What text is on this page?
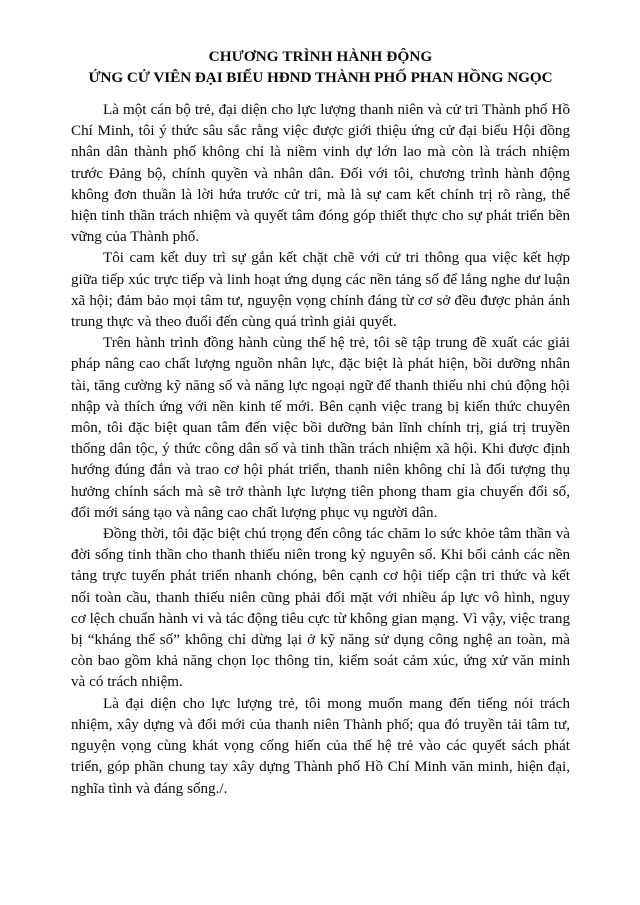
CHƯƠNG TRÌNH HÀNH ĐỘNG
ỨNG CỬ VIÊN ĐẠI BIỂU HĐND THÀNH PHỐ PHAN HỒNG NGỌC

Là một cán bộ trẻ, đại diện cho lực lượng thanh niên và cử tri Thành phố Hồ Chí Minh, tôi ý thức sâu sắc rằng việc được giới thiệu ứng cử đại biểu Hội đồng nhân dân thành phố không chỉ là niềm vinh dự lớn lao mà còn là trách nhiệm trước Đảng bộ, chính quyền và nhân dân. Đối với tôi, chương trình hành động không đơn thuần là lời hứa trước cử tri, mà là sự cam kết chính trị rõ ràng, thể hiện tinh thần trách nhiệm và quyết tâm đóng góp thiết thực cho sự phát triển bền vững của Thành phố.

Tôi cam kết duy trì sự gắn kết chặt chẽ với cử tri thông qua việc kết hợp giữa tiếp xúc trực tiếp và linh hoạt ứng dụng các nền tảng số để lắng nghe dư luận xã hội; đảm bảo mọi tâm tư, nguyện vọng chính đáng từ cơ sở đều được phản ánh trung thực và theo đuổi đến cùng quá trình giải quyết.

Trên hành trình đồng hành cùng thế hệ trẻ, tôi sẽ tập trung đề xuất các giải pháp nâng cao chất lượng nguồn nhân lực, đặc biệt là phát hiện, bồi dưỡng nhân tài, tăng cường kỹ năng số và năng lực ngoại ngữ để thanh thiếu nhi chủ động hội nhập và thích ứng với nền kinh tế mới. Bên cạnh việc trang bị kiến thức chuyên môn, tôi đặc biệt quan tâm đến việc bồi dưỡng bản lĩnh chính trị, giá trị truyền thống dân tộc, ý thức công dân số và tinh thần trách nhiệm xã hội. Khi được định hướng đúng đắn và trao cơ hội phát triển, thanh niên không chỉ là đối tượng thụ hưởng chính sách mà sẽ trở thành lực lượng tiên phong tham gia chuyển đổi số, đổi mới sáng tạo và nâng cao chất lượng phục vụ người dân.

Đồng thời, tôi đặc biệt chú trọng đến công tác chăm lo sức khỏe tâm thần và đời sống tinh thần cho thanh thiếu niên trong kỷ nguyên số. Khi bối cảnh các nền tảng trực tuyến phát triển nhanh chóng, bên cạnh cơ hội tiếp cận tri thức và kết nối toàn cầu, thanh thiếu niên cũng phải đối mặt với nhiều áp lực vô hình, nguy cơ lệch chuẩn hành vi và tác động tiêu cực từ không gian mạng. Vì vậy, việc trang bị “kháng thể số” không chỉ dừng lại ở kỹ năng sử dụng công nghệ an toàn, mà còn bao gồm khả năng chọn lọc thông tin, kiểm soát cảm xúc, ứng xử văn minh và có trách nhiệm.

Là đại diện cho lực lượng trẻ, tôi mong muốn mang đến tiếng nói trách nhiệm, xây dựng và đổi mới của thanh niên Thành phố; qua đó truyền tải tâm tư, nguyện vọng cùng khát vọng cống hiến của thế hệ trẻ vào các quyết sách phát triển, góp phần chung tay xây dựng Thành phố Hồ Chí Minh văn minh, hiện đại, nghĩa tình và đáng sống./.
